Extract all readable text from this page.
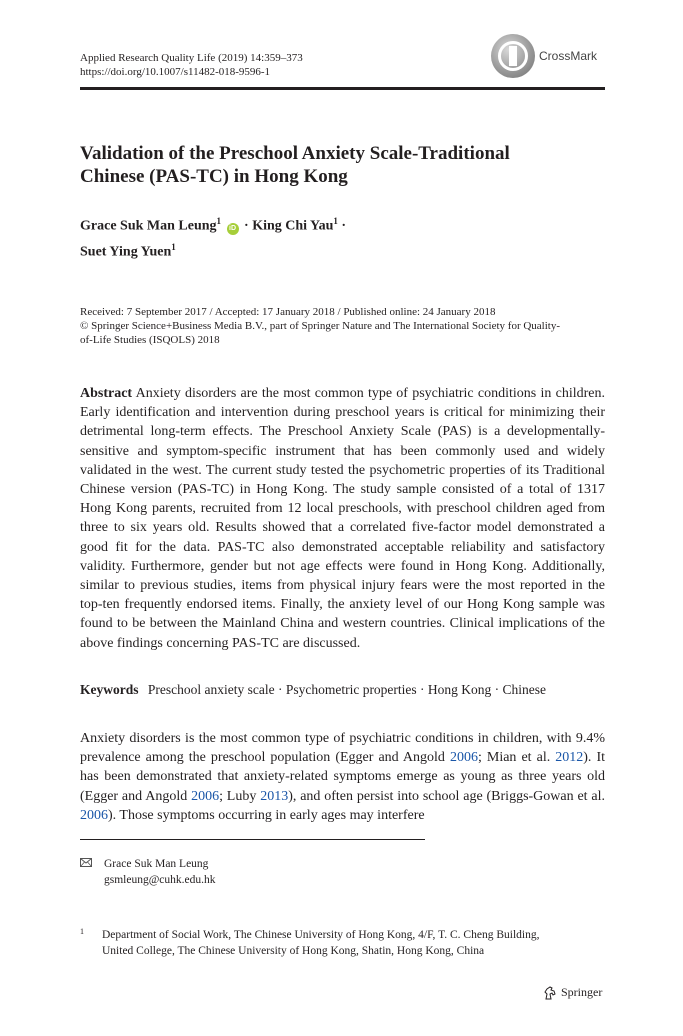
Applied Research Quality Life (2019) 14:359–373
https://doi.org/10.1007/s11482-018-9596-1
CrossMark
Validation of the Preschool Anxiety Scale-Traditional
Chinese (PAS-TC) in Hong Kong
Grace Suk Man Leung$^1$ iD · King Chi Yau$^1$ ·
Suet Ying Yuen$^1$
Received: 7 September 2017 / Accepted: 17 January 2018 / Published online: 24 January 2018
© Springer Science+Business Media B.V., part of Springer Nature and The International Society for Quality-
of-Life Studies (ISQOLS) 2018
Abstract Anxiety disorders are the most common type of psychiatric conditions in children. Early identification and intervention during preschool years is critical for minimizing their detrimental long-term effects. The Preschool Anxiety Scale (PAS) is a developmentally-sensitive and symptom-specific instrument that has been commonly used and widely validated in the west. The current study tested the psychometric properties of its Traditional Chinese version (PAS-TC) in Hong Kong. The study sample consisted of a total of 1317 Hong Kong parents, recruited from 12 local preschools, with preschool children aged from three to six years old. Results showed that a correlated five-factor model demonstrated a good fit for the data. PAS-TC also demonstrated acceptable reliability and satisfactory validity. Furthermore, gender but not age effects were found in Hong Kong. Additionally, similar to previous studies, items from physical injury fears were the most reported in the top-ten frequently endorsed items. Finally, the anxiety level of our Hong Kong sample was found to be between the Mainland China and western countries. Clinical implications of the above findings concerning PAS-TC are discussed.
Keywords Preschool anxiety scale · Psychometric properties · Hong Kong · Chinese
Anxiety disorders is the most common type of psychiatric conditions in children, with 9.4% prevalence among the preschool population (Egger and Angold 2006; Mian et al. 2012). It has been demonstrated that anxiety-related symptoms emerge as young as three years old (Egger and Angold 2006; Luby 2013), and often persist into school age (Briggs-Gowan et al. 2006). Those symptoms occurring in early ages may interfere
Grace Suk Man Leung
gsmleung@cuhk.edu.hk
1 Department of Social Work, The Chinese University of Hong Kong, 4/F, T. C. Cheng Building,
United College, The Chinese University of Hong Kong, Shatin, Hong Kong, China
Springer
